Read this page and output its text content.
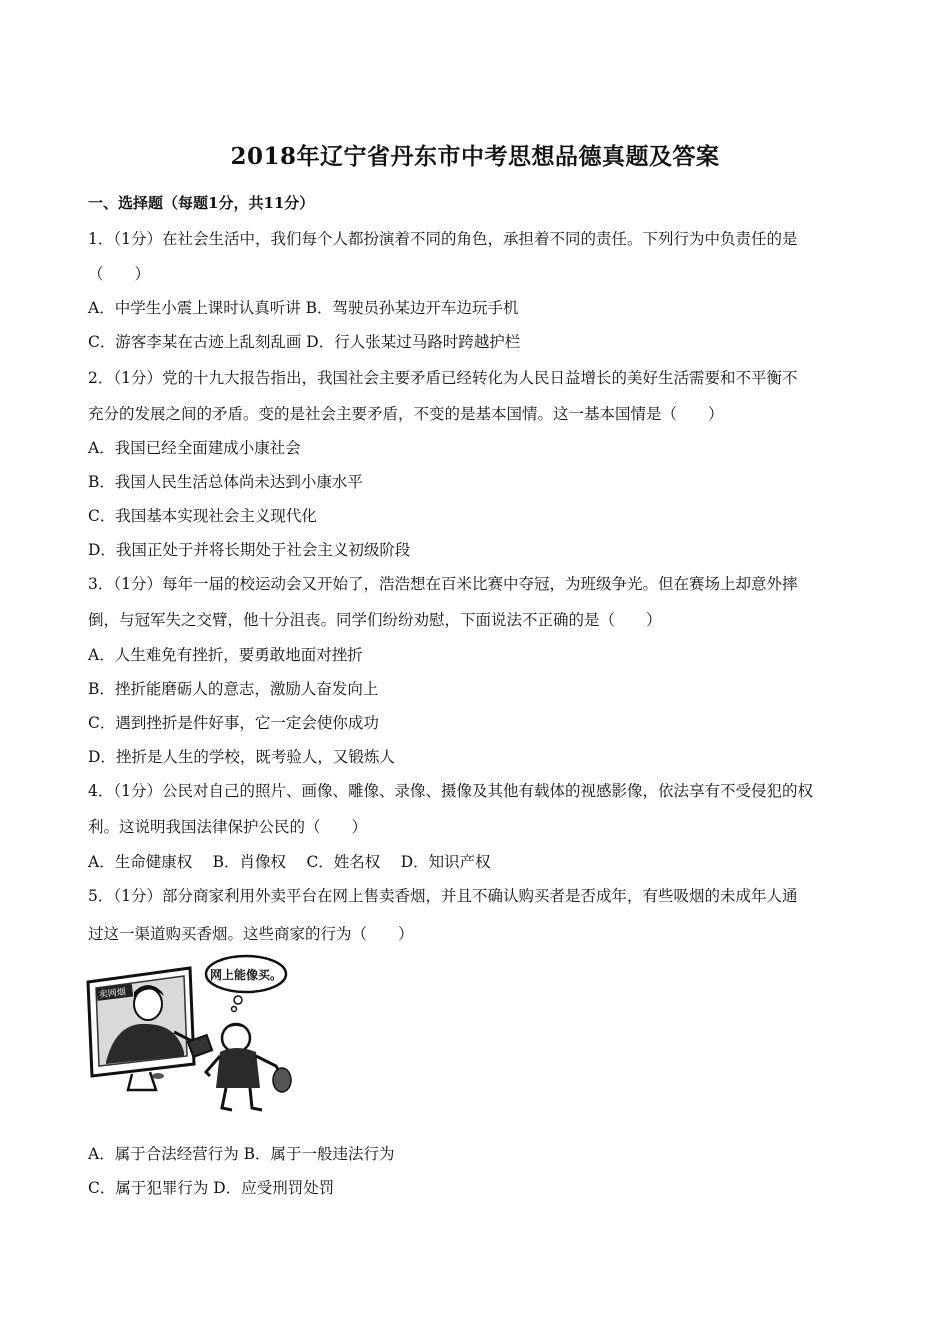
2018年辽宁省丹东市中考思想品德真题及答案
一、选择题（每题1分，共11分）
1．（1分）在社会生活中，我们每个人都扮演着不同的角色，承担着不同的责任。下列行为中负责任的是
（　　）
A．中学生小震上课时认真听讲 B．驾驶员孙某边开车边玩手机
C．游客李某在古迹上乱刻乱画 D．行人张某过马路时跨越护栏
2．（1分）党的十九大报告指出，我国社会主要矛盾已经转化为人民日益增长的美好生活需要和不平衡不
充分的发展之间的矛盾。变的是社会主要矛盾，不变的是基本国情。这一基本国情是（　　）
A．我国已经全面建成小康社会
B．我国人民生活总体尚未达到小康水平
C．我国基本实现社会主义现代化
D．我国正处于并将长期处于社会主义初级阶段
3．（1分）每年一届的校运动会又开始了，浩浩想在百米比赛中夺冠，为班级争光。但在赛场上却意外摔
倒，与冠军失之交臂，他十分沮丧。同学们纷纷劝慰，下面说法不正确的是（　　）
A．人生难免有挫折，要勇敢地面对挫折
B．挫折能磨砺人的意志，激励人奋发向上
C．遇到挫折是件好事，它一定会使你成功
D．挫折是人生的学校，既考验人，又锻炼人
4．（1分）公民对自己的照片、画像、雕像、录像、摄像及其他有载体的视感影像，依法享有不受侵犯的权
利。这说明我国法律保护公民的（　　）
A．生命健康权　 B．肖像权　 C．姓名权　 D．知识产权
5．（1分）部分商家利用外卖平台在网上售卖香烟，并且不确认购买者是否成年，有些吸烟的未成年人通
过这一渠道购买香烟。这些商家的行为（　　）
卖网烟
网上能像买。
A．属于合法经营行为 B．属于一般违法行为
C．属于犯罪行为 D．应受刑罚处罚
